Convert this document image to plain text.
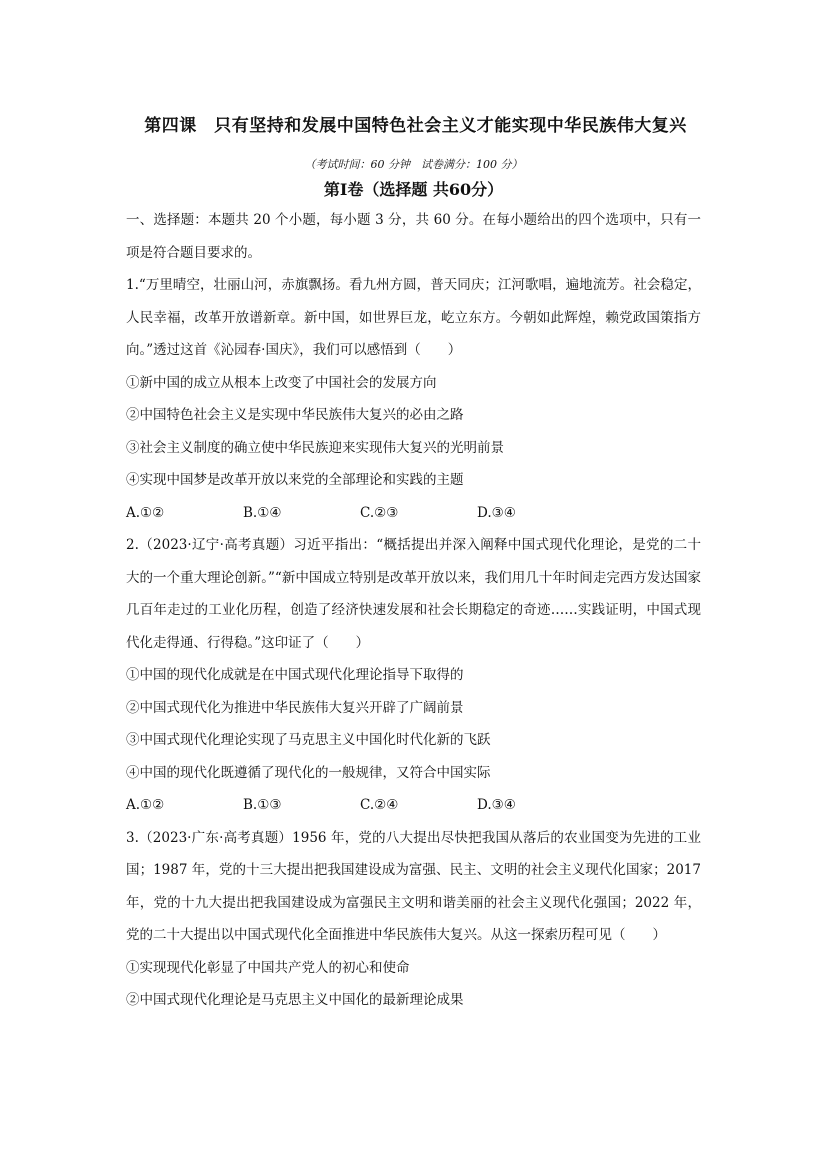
第四课　只有坚持和发展中国特色社会主义才能实现中华民族伟大复兴
（考试时间：60 分钟　试卷满分：100 分）
第Ⅰ卷（选择题 共60分）
一、选择题：本题共 20 个小题，每小题 3 分，共 60 分。在每小题给出的四个选项中，只有一项是符合题目要求的。
1.“万里晴空，壮丽山河，赤旗飘扬。看九州方圆，普天同庆；江河歌唱，遍地流芳。社会稳定，人民幸福，改革开放谱新章。新中国，如世界巨龙，屹立东方。今朝如此辉煌，赖党政国策指方向。”透过这首《沁园春·国庆》，我们可以感悟到（　　）
①新中国的成立从根本上改变了中国社会的发展方向
②中国特色社会主义是实现中华民族伟大复兴的必由之路
③社会主义制度的确立使中华民族迎来实现伟大复兴的光明前景
④实现中国梦是改革开放以来党的全部理论和实践的主题
A.①②	B.①④	C.②③	D.③④
2.（2023·辽宁·高考真题）习近平指出：“概括提出并深入阐释中国式现代化理论，是党的二十大的一个重大理论创新。”“新中国成立特别是改革开放以来，我们用几十年时间走完西方发达国家几百年走过的工业化历程，创造了经济快速发展和社会长期稳定的奇迹……实践证明，中国式现代化走得通、行得稳。”这印证了（　　）
①中国的现代化成就是在中国式现代化理论指导下取得的
②中国式现代化为推进中华民族伟大复兴开辟了广阔前景
③中国式现代化理论实现了马克思主义中国化时代化新的飞跃
④中国的现代化既遵循了现代化的一般规律，又符合中国实际
A.①②	B.①③	C.②④	D.③④
3.（2023·广东·高考真题）1956 年，党的八大提出尽快把我国从落后的农业国变为先进的工业国；1987 年，党的十三大提出把我国建设成为富强、民主、文明的社会主义现代化国家；2017 年，党的十九大提出把我国建设成为富强民主文明和谐美丽的社会主义现代化强国；2022 年，党的二十大提出以中国式现代化全面推进中华民族伟大复兴。从这一探索历程可见（　　）
①实现现代化彰显了中国共产党人的初心和使命
②中国式现代化理论是马克思主义中国化的最新理论成果
